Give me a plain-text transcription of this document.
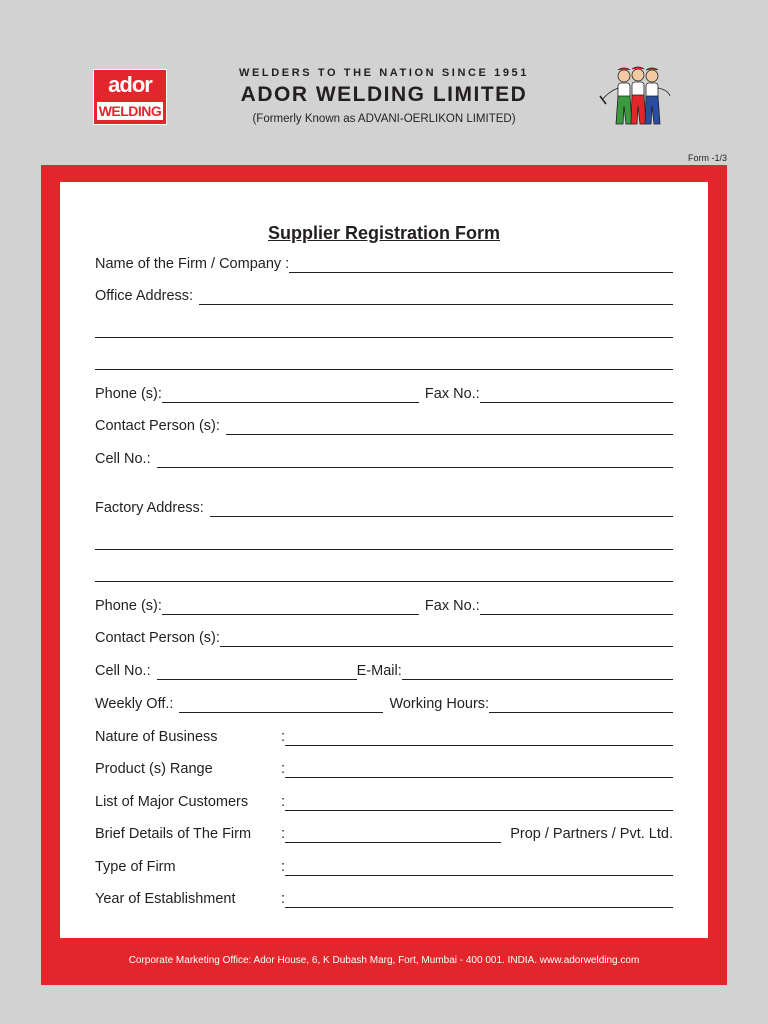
ador
WELDING
WELDERS TO THE NATION SINCE 1951
ADOR WELDING LIMITED
(Formerly Known as ADVANI-OERLIKON LIMITED)
Form -1/3
Supplier Registration Form
Name of the Firm / Company :
Office Address:
Phone (s):	Fax No.:
Contact Person (s):
Cell No.:
Factory Address:
Phone (s):	Fax No.:
Contact Person (s):
Cell No.:	E-Mail:
Weekly Off.:	Working Hours:
Nature of Business	:
Product (s) Range	:
List of Major Customers	:
Brief Details of The Firm	:	Prop / Partners / Pvt. Ltd.
Type of Firm	:
Year of Establishment	:
Corporate Marketing Office: Ador House, 6, K Dubash Marg, Fort, Mumbai - 400 001. INDIA. www.adorwelding.com
